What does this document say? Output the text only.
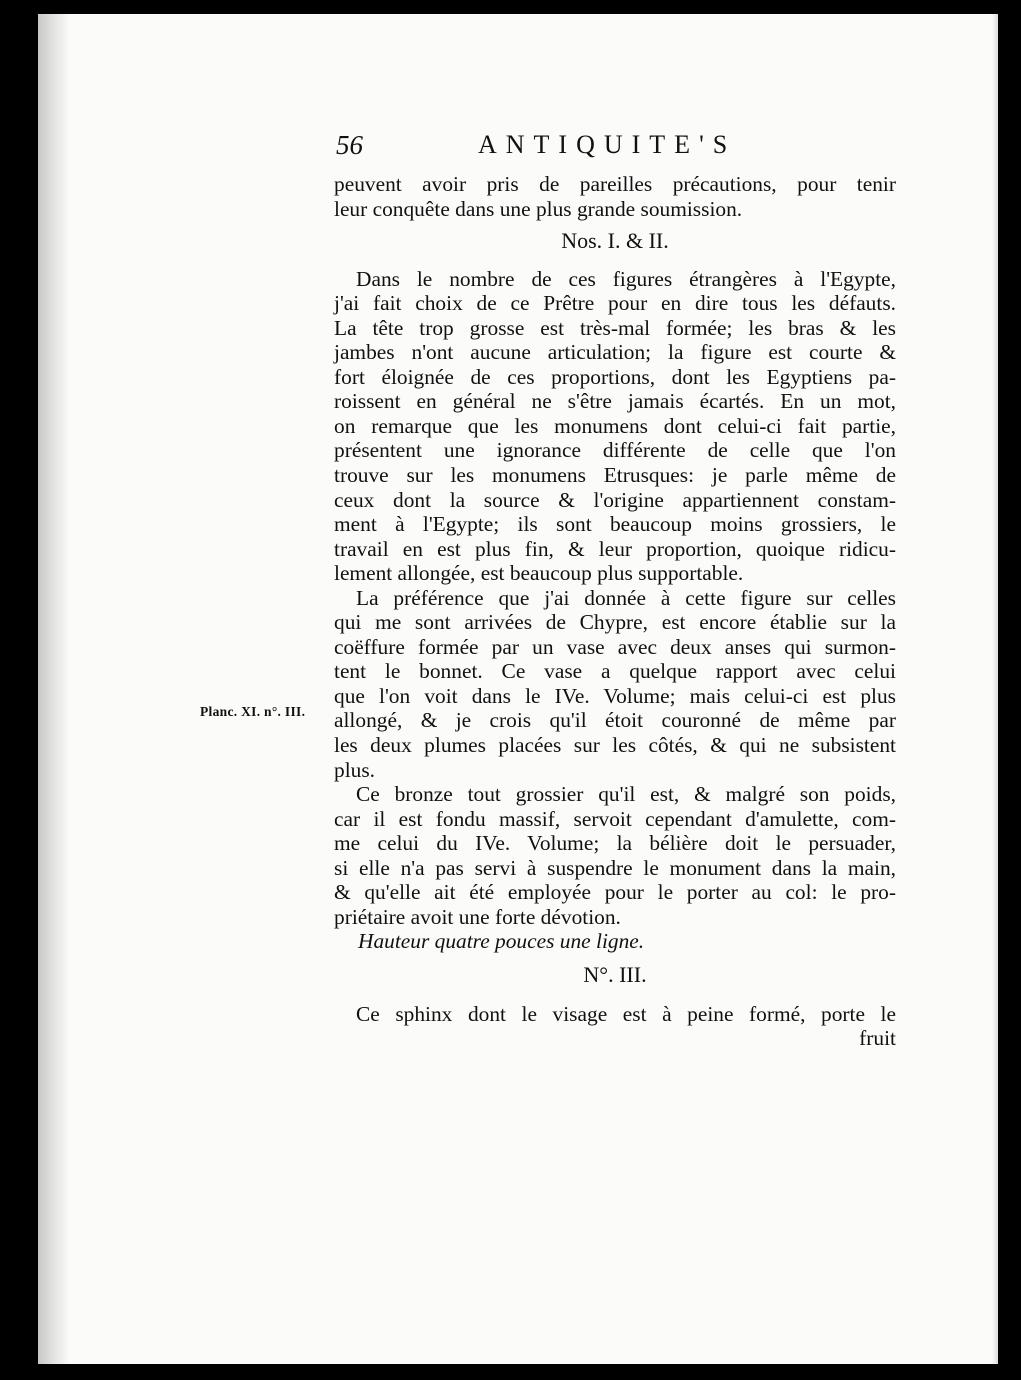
56	ANTIQUITE'S
Planc. XI. n°. III.
peuvent avoir pris de pareilles précautions, pour tenir
leur conquête dans une plus grande soumission.
Nos. I. & II.
Dans le nombre de ces figures étrangères à l'Egypte,
j'ai fait choix de ce Prêtre pour en dire tous les défauts.
La tête trop grosse est très-mal formée; les bras & les
jambes n'ont aucune articulation; la figure est courte &
fort éloignée de ces proportions, dont les Egyptiens pa-
roissent en général ne s'être jamais écartés. En un mot,
on remarque que les monumens dont celui-ci fait partie,
présentent une ignorance différente de celle que l'on
trouve sur les monumens Etrusques: je parle même de
ceux dont la source & l'origine appartiennent constam-
ment à l'Egypte; ils sont beaucoup moins grossiers, le
travail en est plus fin, & leur proportion, quoique ridicu-
lement allongée, est beaucoup plus supportable.
La préférence que j'ai donnée à cette figure sur celles
qui me sont arrivées de Chypre, est encore établie sur la
coëffure formée par un vase avec deux anses qui surmon-
tent le bonnet. Ce vase a quelque rapport avec celui
que l'on voit dans le IVe. Volume; mais celui-ci est plus
allongé, & je crois qu'il étoit couronné de même par
les deux plumes placées sur les côtés, & qui ne subsistent
plus.
Ce bronze tout grossier qu'il est, & malgré son poids,
car il est fondu massif, servoit cependant d'amulette, com-
me celui du IVe. Volume; la bélière doit le persuader,
si elle n'a pas servi à suspendre le monument dans la main,
& qu'elle ait été employée pour le porter au col: le pro-
priétaire avoit une forte dévotion.
Hauteur quatre pouces une ligne.
N°. III.
Ce sphinx dont le visage est à peine formé, porte le
fruit
